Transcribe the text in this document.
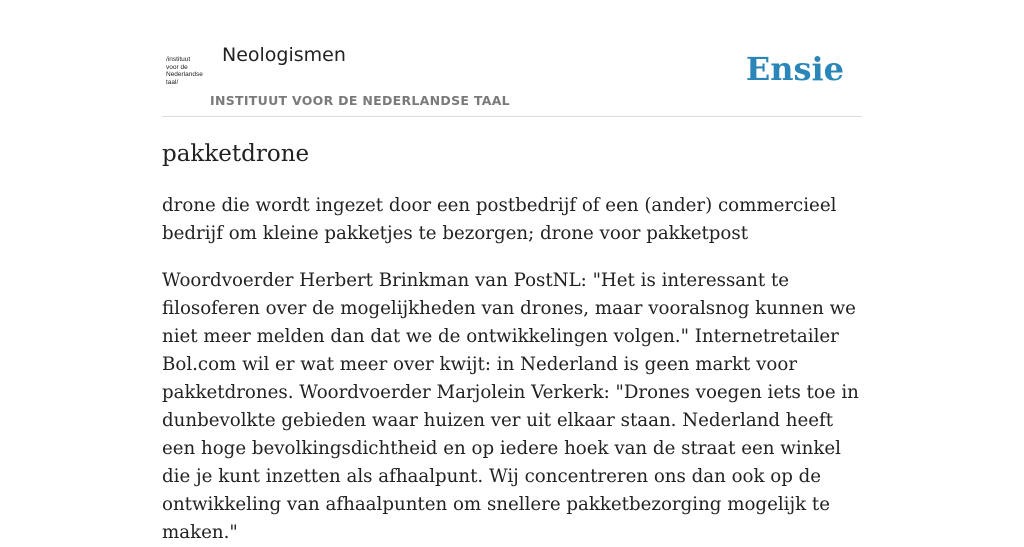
/instituut
voor de
Nederlandse
taal/
Neologismen
INSTITUUT VOOR DE NEDERLANDSE TAAL
Ensie
pakketdrone

drone die wordt ingezet door een postbedrijf of een (ander) commercieel bedrijf om kleine pakketjes te bezorgen; drone voor pakketpost

Woordvoerder Herbert Brinkman van PostNL: "Het is interessant te filosoferen over de mogelijkheden van drones, maar vooralsnog kunnen we niet meer melden dan dat we de ontwikkelingen volgen." Internetretailer Bol.com wil er wat meer over kwijt: in Nederland is geen markt voor pakketdrones. Woordvoerder Marjolein Verkerk: "Drones voegen iets toe in dunbevolkte gebieden waar huizen ver uit elkaar staan. Nederland heeft een hoge bevolkingsdichtheid en op iedere hoek van de straat een winkel die je kunt inzetten als afhaalpunt. Wij concentreren ons dan ook op de ontwikkeling van afhaalpunten om snellere pakketbezorging mogelijk te maken."
